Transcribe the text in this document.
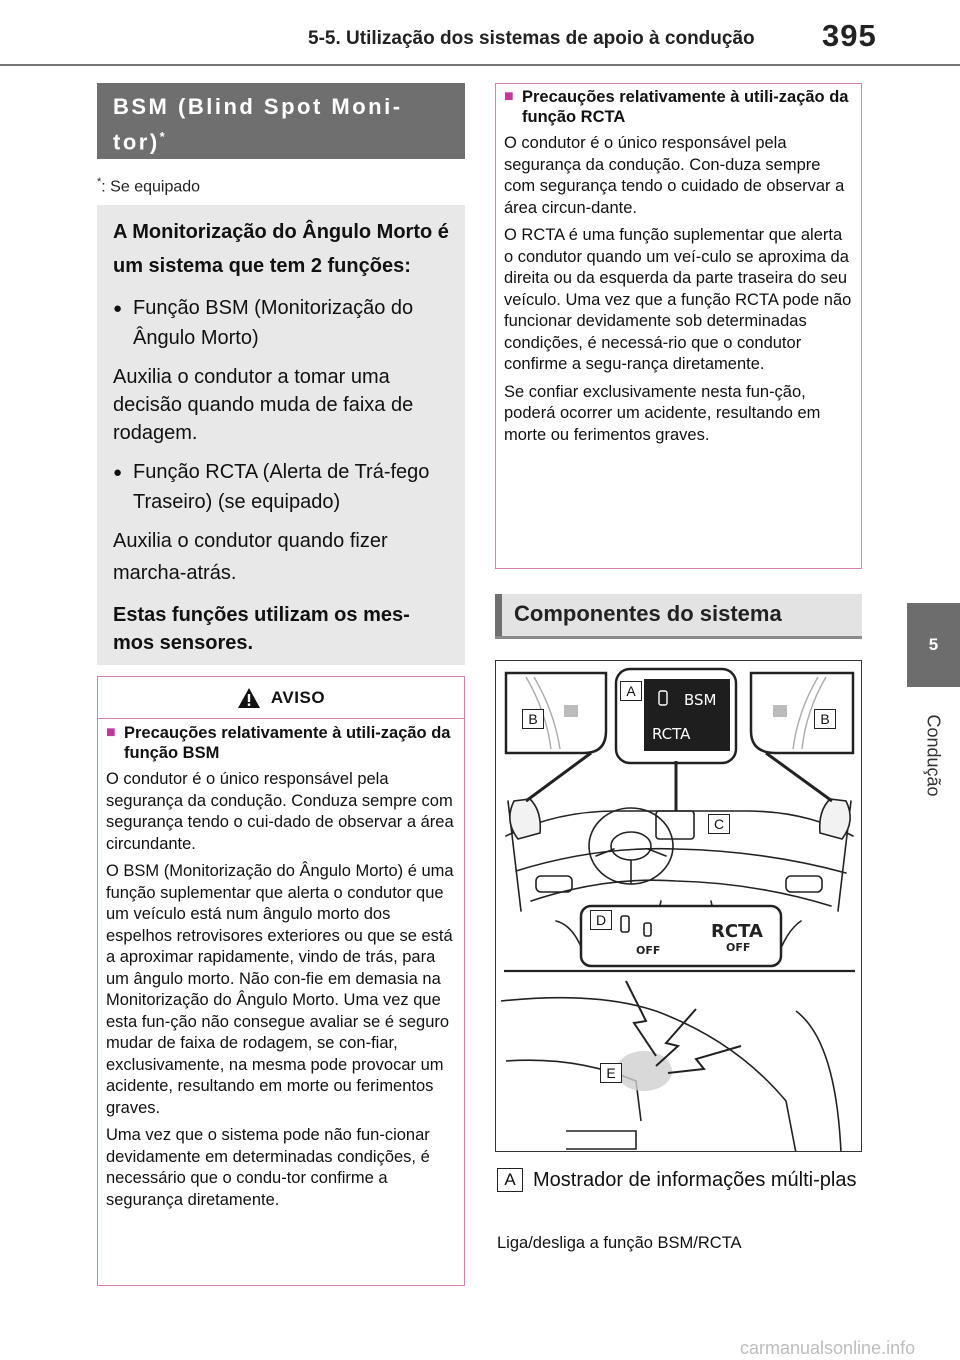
5-5. Utilização dos sistemas de apoio à condução 395
5
Condução
BSM (Blind Spot Moni-tor)*
*: Se equipado
A Monitorização do Ângulo Morto é um sistema que tem 2 funções:
● Função BSM (Monitorização do Ângulo Morto)
Auxilia o condutor a tomar uma decisão quando muda de faixa de rodagem.
● Função RCTA (Alerta de Trá-fego Traseiro) (se equipado)
Auxilia o condutor quando fizer marcha-atrás.
Estas funções utilizam os mes-mos sensores.
AVISO
■ Precauções relativamente à utili-zação da função BSM
O condutor é o único responsável pela segurança da condução. Conduza sempre com segurança tendo o cui-dado de observar a área circundante.
O BSM (Monitorização do Ângulo Morto) é uma função suplementar que alerta o condutor que um veículo está num ângulo morto dos espelhos retrovisores exteriores ou que se está a aproximar rapidamente, vindo de trás, para um ângulo morto. Não con-fie em demasia na Monitorização do Ângulo Morto. Uma vez que esta fun-ção não consegue avaliar se é seguro mudar de faixa de rodagem, se con-fiar, exclusivamente, na mesma pode provocar um acidente, resultando em morte ou ferimentos graves.
Uma vez que o sistema pode não fun-cionar devidamente em determinadas condições, é necessário que o condu-tor confirme a segurança diretamente.
■ Precauções relativamente à utili-zação da função RCTA
O condutor é o único responsável pela segurança da condução. Con-duza sempre com segurança tendo o cuidado de observar a área circun-dante.
O RCTA é uma função suplementar que alerta o condutor quando um veí-culo se aproxima da direita ou da esquerda da parte traseira do seu veículo. Uma vez que a função RCTA pode não funcionar devidamente sob determinadas condições, é necessá-rio que o condutor confirme a segu-rança diretamente.
Se confiar exclusivamente nesta fun-ção, poderá ocorrer um acidente, resultando em morte ou ferimentos graves.
Componentes do sistema
BSM
RCTA
OFF
RCTA
OFF
A
B	B
C
D
E
A Mostrador de informações múlti-plas
Liga/desliga a função BSM/RCTA
carmanualsonline.info
